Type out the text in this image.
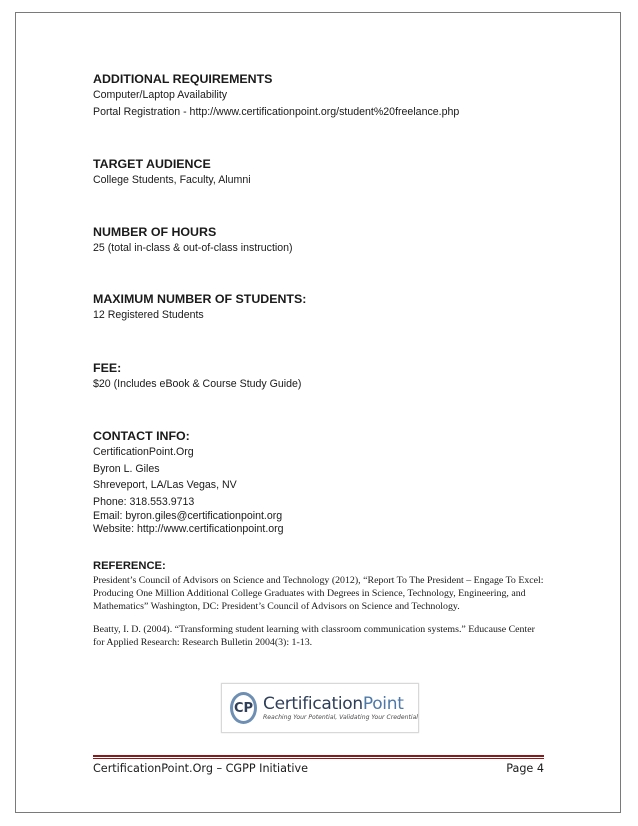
ADDITIONAL REQUIREMENTS
Computer/Laptop Availability
Portal Registration - http://www.certificationpoint.org/student%20freelance.php
TARGET AUDIENCE
College Students, Faculty, Alumni
NUMBER OF HOURS
25 (total in-class & out-of-class instruction)
MAXIMUM NUMBER OF STUDENTS:
12 Registered Students
FEE:
$20 (Includes eBook & Course Study Guide)
CONTACT INFO:
CertificationPoint.Org
Byron L. Giles
Shreveport, LA/Las Vegas, NV
Phone: 318.553.9713
Email: byron.giles@certificationpoint.org
Website: http://www.certificationpoint.org
REFERENCE:
President’s Council of Advisors on Science and Technology (2012), “Report To The President – Engage To Excel: Producing One Million Additional College Graduates with Degrees in Science, Technology, Engineering, and Mathematics” Washington, DC: President’s Council of Advisors on Science and Technology.
Beatty, I. D. (2004). “Transforming student learning with classroom communication systems.” Educause Center for Applied Research: Research Bulletin 2004(3): 1-13.
CP CertificationPoint
Reaching Your Potential, Validating Your Credential
CertificationPoint.Org – CGPP Initiative	Page 4
